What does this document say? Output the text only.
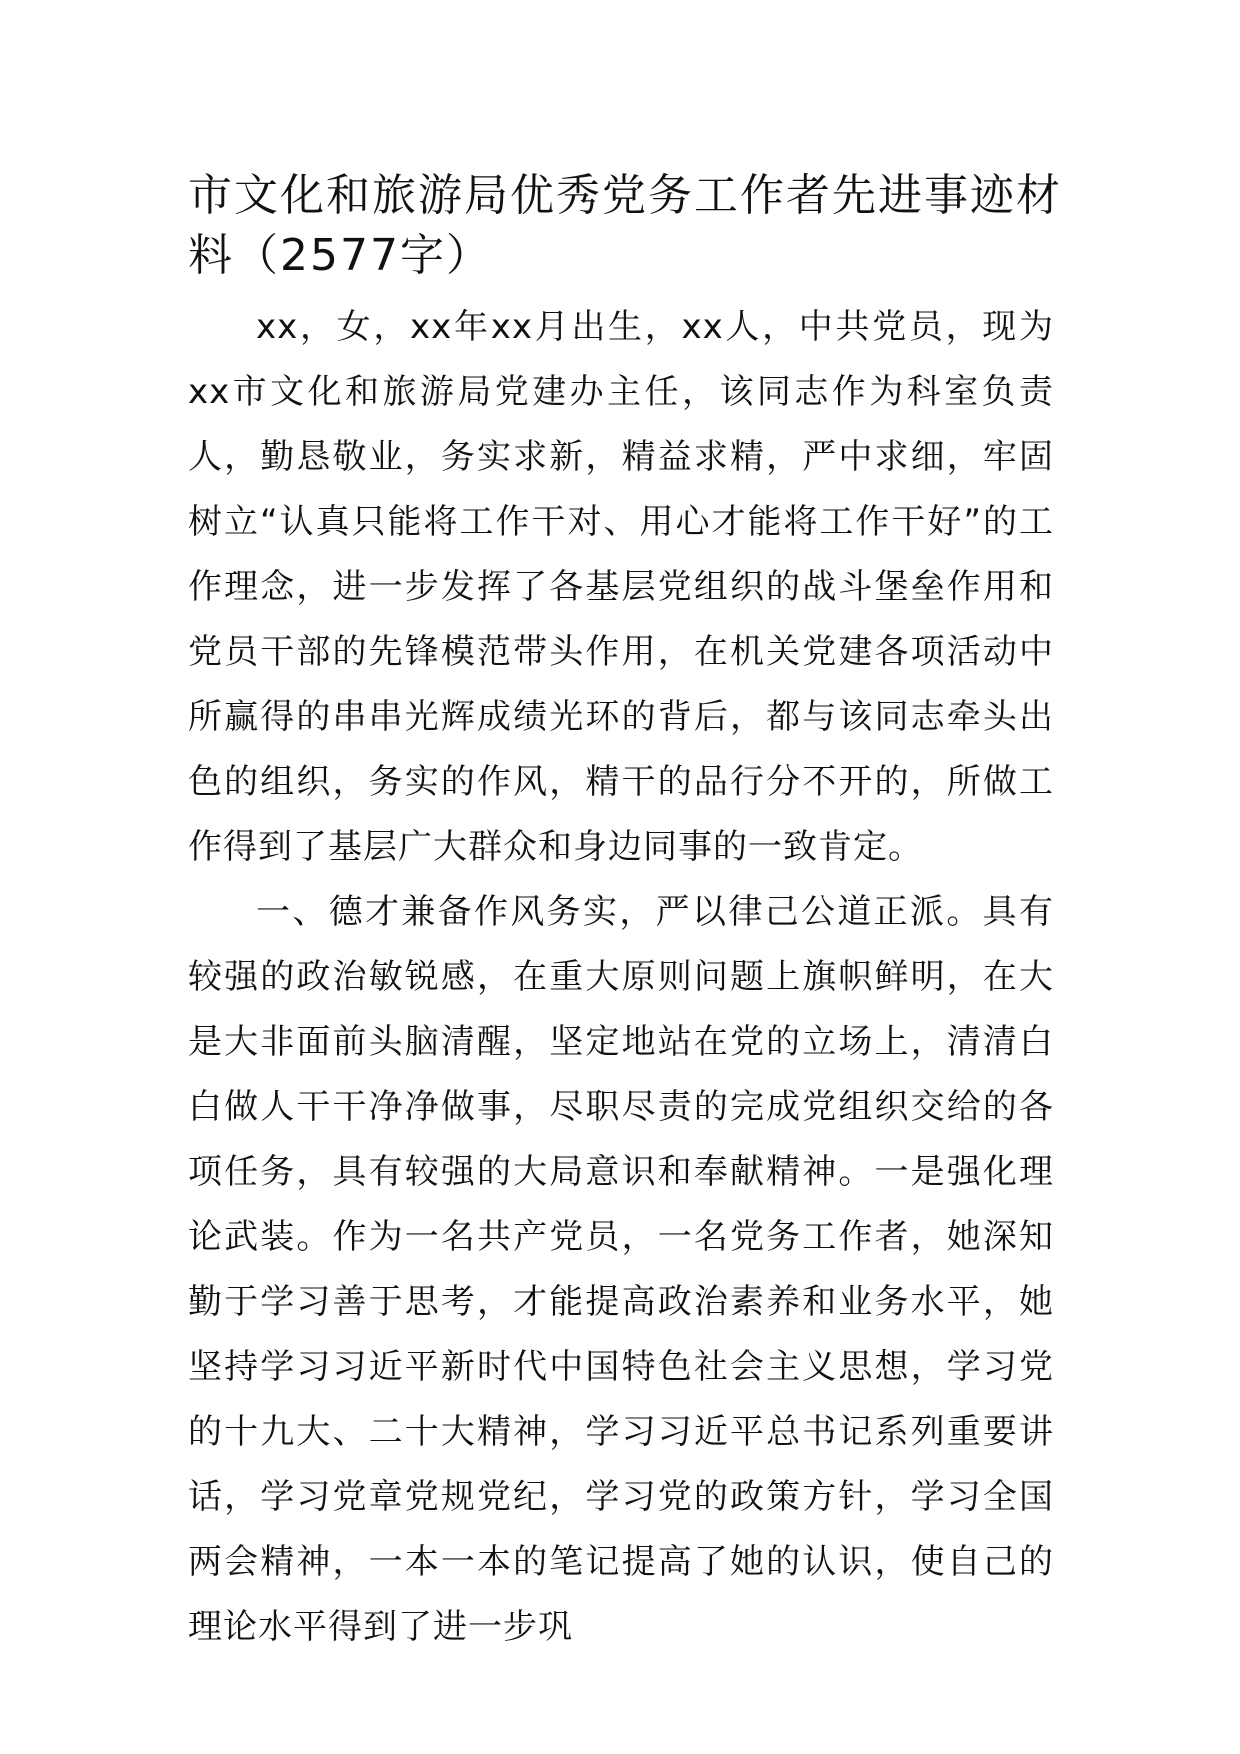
市文化和旅游局优秀党务工作者先进事迹材料（2577字）

xx，女，xx年xx月出生，xx人，中共党员，现为xx市文化和旅游局党建办主任，该同志作为科室负责人，勤恳敬业，务实求新，精益求精，严中求细，牢固树立“认真只能将工作干对、用心才能将工作干好”的工作理念，进一步发挥了各基层党组织的战斗堡垒作用和党员干部的先锋模范带头作用，在机关党建各项活动中所赢得的串串光辉成绩光环的背后，都与该同志牵头出色的组织，务实的作风，精干的品行分不开的，所做工作得到了基层广大群众和身边同事的一致肯定。

一、德才兼备作风务实，严以律己公道正派。具有较强的政治敏锐感，在重大原则问题上旗帜鲜明，在大是大非面前头脑清醒，坚定地站在党的立场上，清清白白做人干干净净做事，尽职尽责的完成党组织交给的各项任务，具有较强的大局意识和奉献精神。一是强化理论武装。作为一名共产党员，一名党务工作者，她深知勤于学习善于思考，才能提高政治素养和业务水平，她坚持学习习近平新时代中国特色社会主义思想，学习党的十九大、二十大精神，学习习近平总书记系列重要讲话，学习党章党规党纪，学习党的政策方针，学习全国两会精神，一本一本的笔记提高了她的认识，使自己的理论水平得到了进一步巩
